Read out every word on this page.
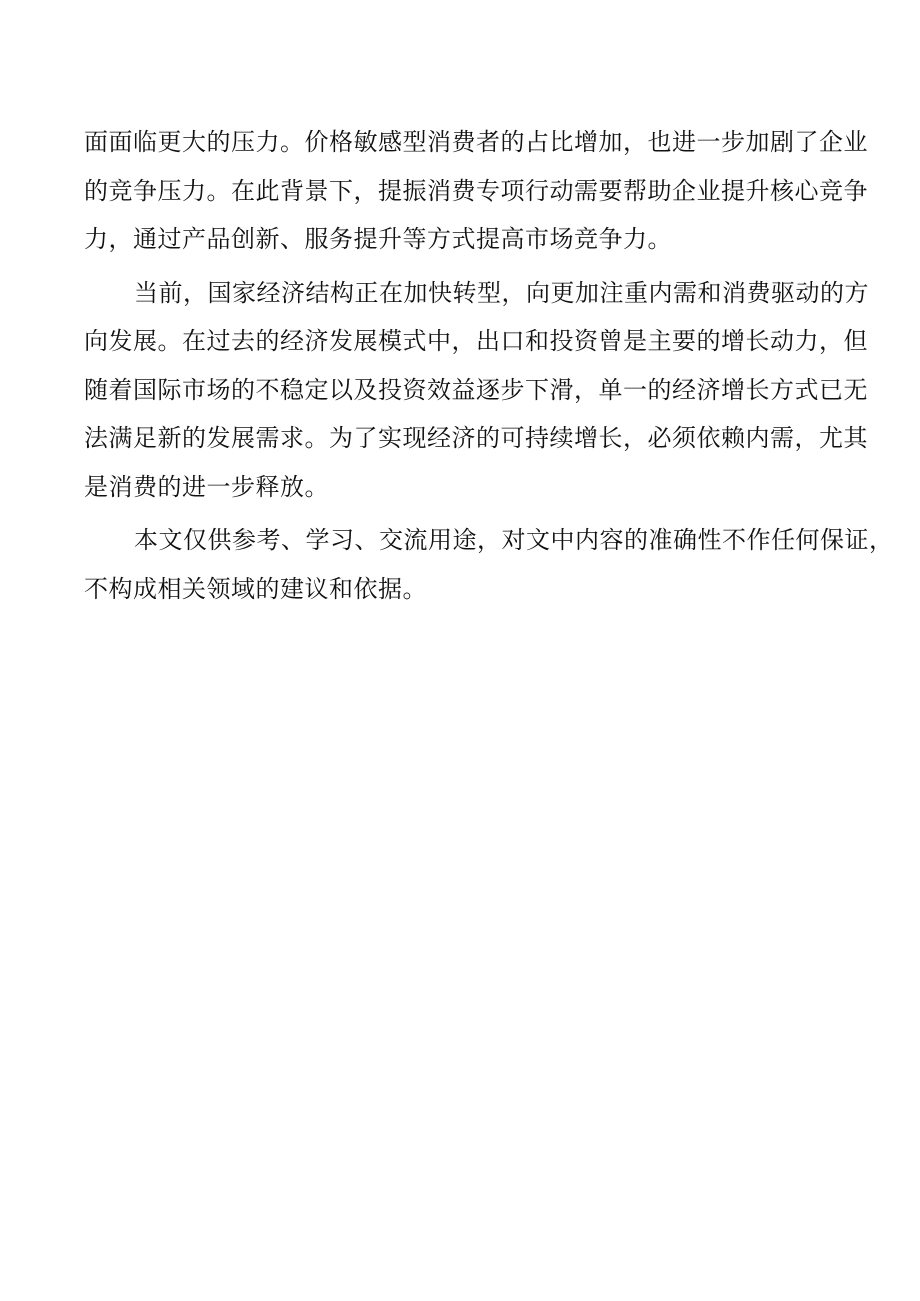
面面临更大的压力。价格敏感型消费者的占比增加，也进一步加剧了企业
的竞争压力。在此背景下，提振消费专项行动需要帮助企业提升核心竞争
力，通过产品创新、服务提升等方式提高市场竞争力。

当前，国家经济结构正在加快转型，向更加注重内需和消费驱动的方
向发展。在过去的经济发展模式中，出口和投资曾是主要的增长动力，但
随着国际市场的不稳定以及投资效益逐步下滑，单一的经济增长方式已无
法满足新的发展需求。为了实现经济的可持续增长，必须依赖内需，尤其
是消费的进一步释放。

本文仅供参考、学习、交流用途，对文中内容的准确性不作任何保证，
不构成相关领域的建议和依据。
